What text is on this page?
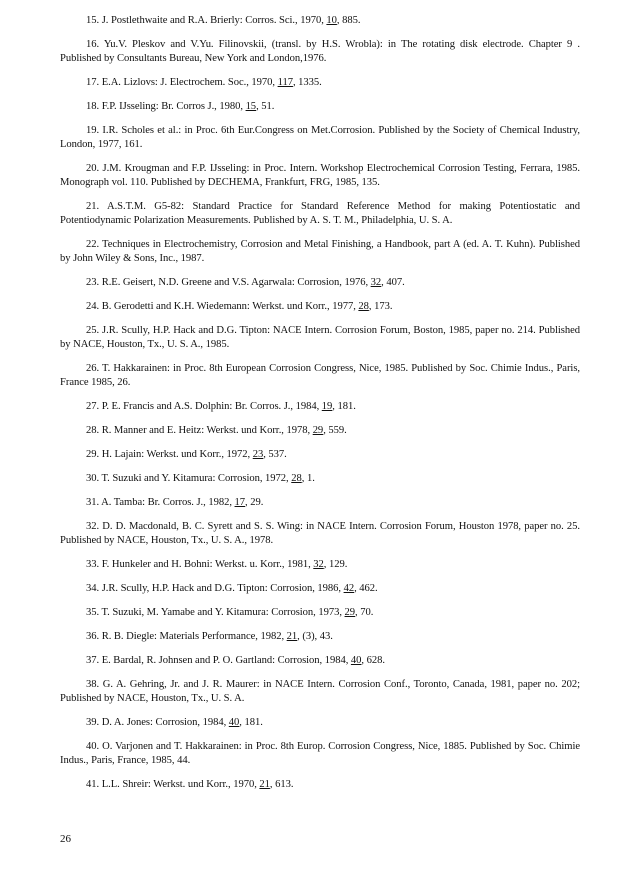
15. J. Postlethwaite and R.A. Brierly: Corros. Sci., 1970, 10, 885.

16. Yu.V. Pleskov and V.Yu. Filinovskii, (transl. by H.S. Wrobla): in The rotating disk electrode. Chapter 9 . Published by Consultants Bureau, New York and London,1976.

17. E.A. Lizlovs: J. Electrochem. Soc., 1970, 117, 1335.

18. F.P. IJsseling: Br. Corros J., 1980, 15, 51.

19. I.R. Scholes et al.: in Proc. 6th Eur.Congress on Met.Corrosion. Published by the Society of Chemical Industry, London, 1977, 161.

20. J.M. Krougman and F.P. IJsseling: in Proc. Intern. Workshop Electrochemical Corrosion Testing, Ferrara, 1985. Monograph vol. 110. Published by DECHEMA, Frankfurt, FRG, 1985, 135.

21. A.S.T.M. G5-82: Standard Practice for Standard Reference Method for making Potentiostatic and Potentiodynamic Polarization Measurements. Published by A. S. T. M., Philadelphia, U. S. A.

22. Techniques in Electrochemistry, Corrosion and Metal Finishing, a Handbook, part A (ed. A. T. Kuhn). Published by John Wiley & Sons, Inc., 1987.

23. R.E. Geisert, N.D. Greene and V.S. Agarwala: Corrosion, 1976, 32, 407.

24. B. Gerodetti and K.H. Wiedemann: Werkst. und Korr., 1977, 28, 173.

25. J.R. Scully, H.P. Hack and D.G. Tipton: NACE Intern. Corrosion Forum, Boston, 1985, paper no. 214. Published by NACE, Houston, Tx., U. S. A., 1985.

26. T. Hakkarainen: in Proc. 8th European Corrosion Congress, Nice, 1985. Published by Soc. Chimie Indus., Paris, France 1985, 26.

27. P. E. Francis and A.S. Dolphin: Br. Corros. J., 1984, 19, 181.

28. R. Manner and E. Heitz: Werkst. und Korr., 1978, 29, 559.

29. H. Lajain: Werkst. und Korr., 1972, 23, 537.

30. T. Suzuki and Y. Kitamura: Corrosion, 1972, 28, 1.

31. A. Tamba: Br. Corros. J., 1982, 17, 29.

32. D. D. Macdonald, B. C. Syrett and S. S. Wing: in NACE Intern. Corrosion Forum, Houston 1978, paper no. 25. Published by NACE, Houston, Tx., U. S. A., 1978.

33. F. Hunkeler and H. Bohni: Werkst. u. Korr., 1981, 32, 129.

34. J.R. Scully, H.P. Hack and D.G. Tipton: Corrosion, 1986, 42, 462.

35. T. Suzuki, M. Yamabe and Y. Kitamura: Corrosion, 1973, 29, 70.

36. R. B. Diegle: Materials Performance, 1982, 21, (3), 43.

37. E. Bardal, R. Johnsen and P. O. Gartland: Corrosion, 1984, 40, 628.

38. G. A. Gehring, Jr. and J. R. Maurer: in NACE Intern. Corrosion Conf., Toronto, Canada, 1981, paper no. 202; Published by NACE, Houston, Tx., U. S. A.

39. D. A. Jones: Corrosion, 1984, 40, 181.

40. O. Varjonen and T. Hakkarainen: in Proc. 8th Europ. Corrosion Congress, Nice, 1885. Published by Soc. Chimie Indus., Paris, France, 1985, 44.

41. L.L. Shreir: Werkst. und Korr., 1970, 21, 613.

26
